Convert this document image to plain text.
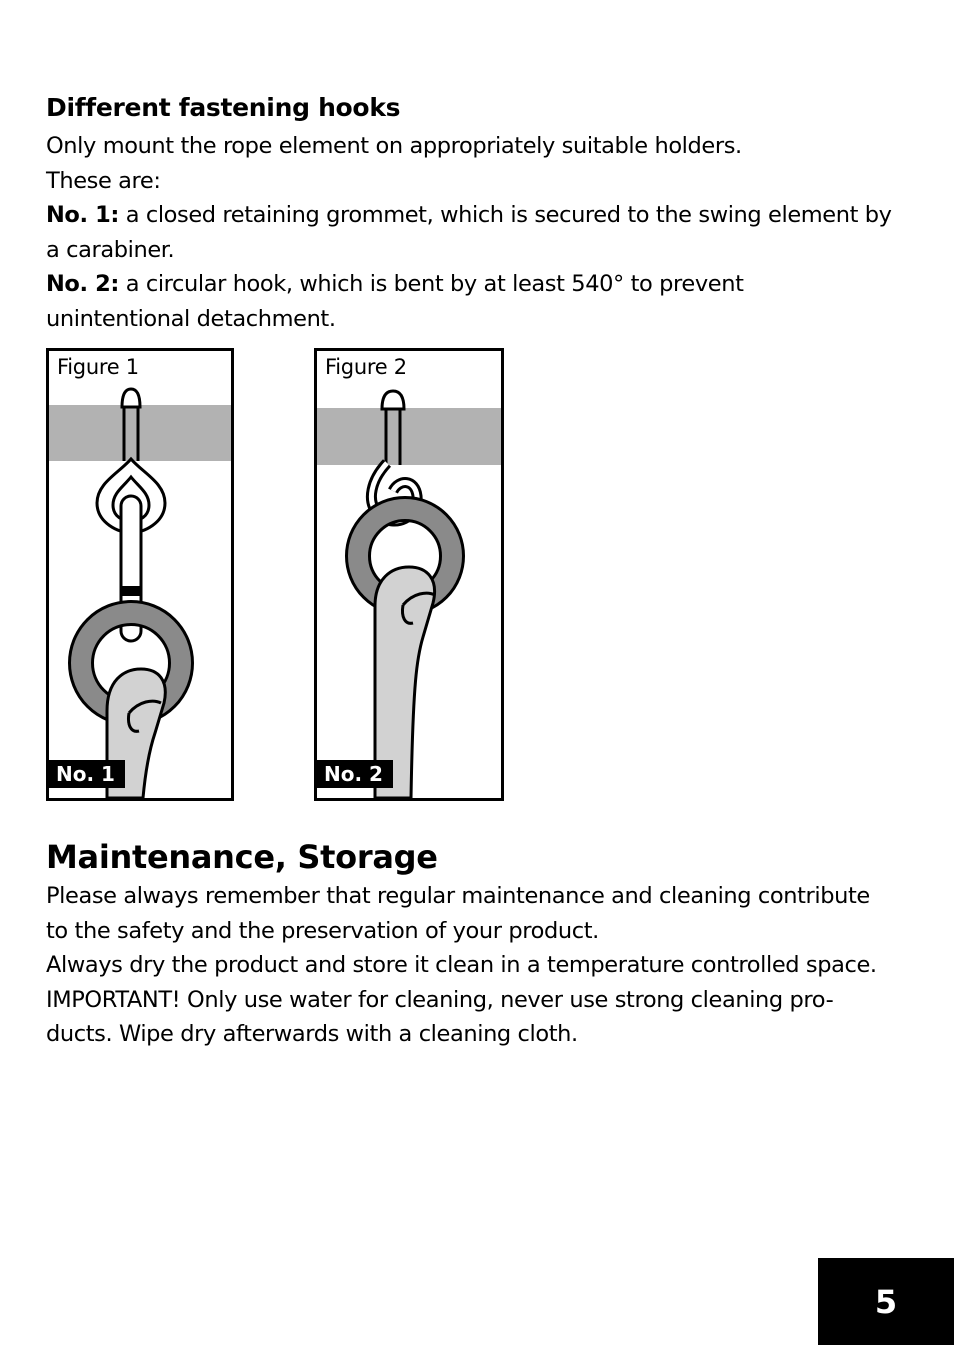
Different fastening hooks
Only mount the rope element on appropriately suitable holders.
These are:
No. 1: a closed retaining grommet, which is secured to the swing element by
a carabiner.
No. 2: a circular hook, which is bent by at least 540° to prevent
unintentional detachment.
Figure 1
No. 1
Figure 2
No. 2
Maintenance, Storage
Please always remember that regular maintenance and cleaning contribute
to the safety and the preservation of your product.
Always dry the product and store it clean in a temperature controlled space.
IMPORTANT! Only use water for cleaning, never use strong cleaning pro-
ducts. Wipe dry afterwards with a cleaning cloth.
5
